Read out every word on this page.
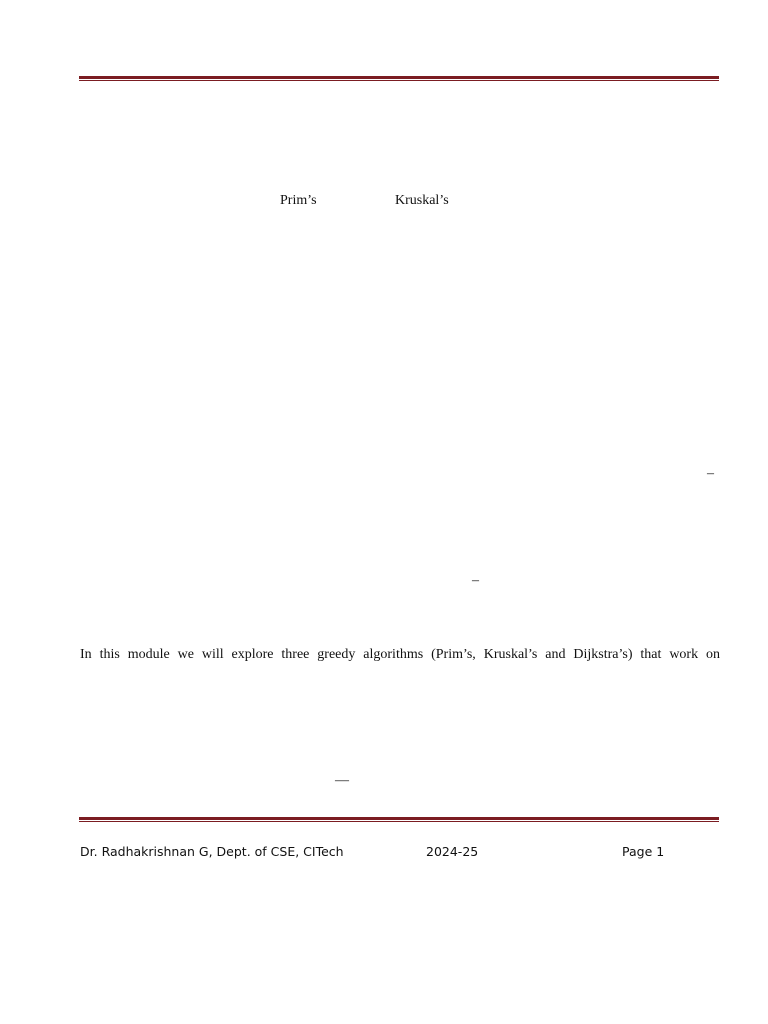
Prim’s	Kruskal’s
–
–
In this module we will explore three greedy algorithms (Prim’s, Kruskal’s and Dijkstra’s) that work on
—
Dr. Radhakrishnan G, Dept. of CSE, CITech	2024-25	Page 1
